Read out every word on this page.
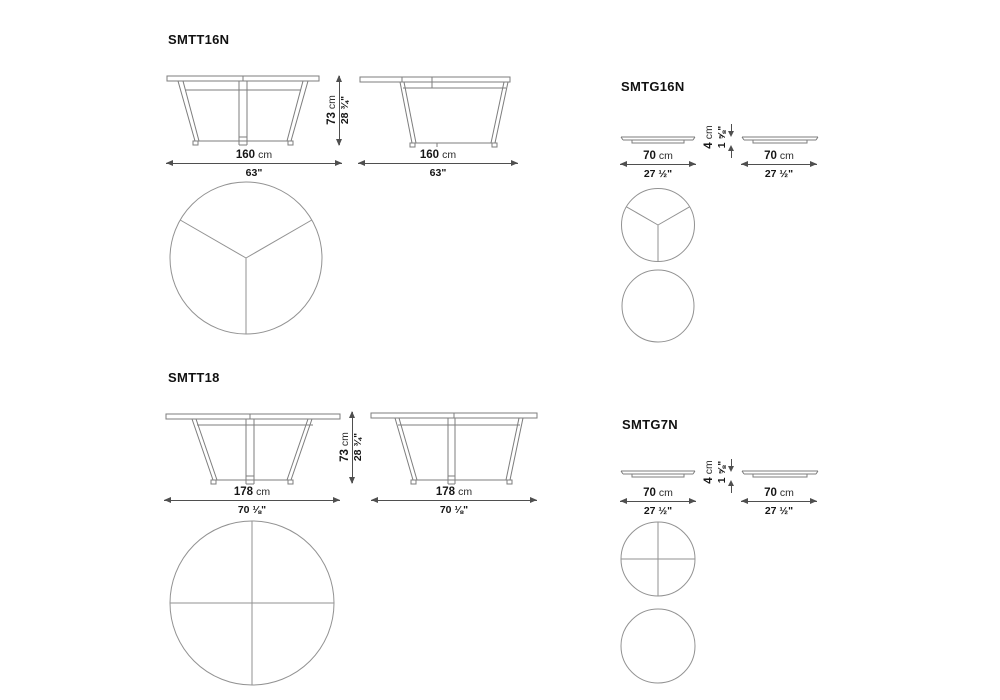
SMTT16N
73 cm 28 ¾"
160 cm
63"
160 cm
63"
SMTG16N
4 cm 1 ⅝"
70 cm
27 ½"
70 cm
27 ½"
SMTT18
73 cm 28 ¾"
178 cm
70 ⅛"
178 cm
70 ⅛"
SMTG7N
4 cm 1 ⅝"
70 cm
27 ½"
70 cm
27 ½"
